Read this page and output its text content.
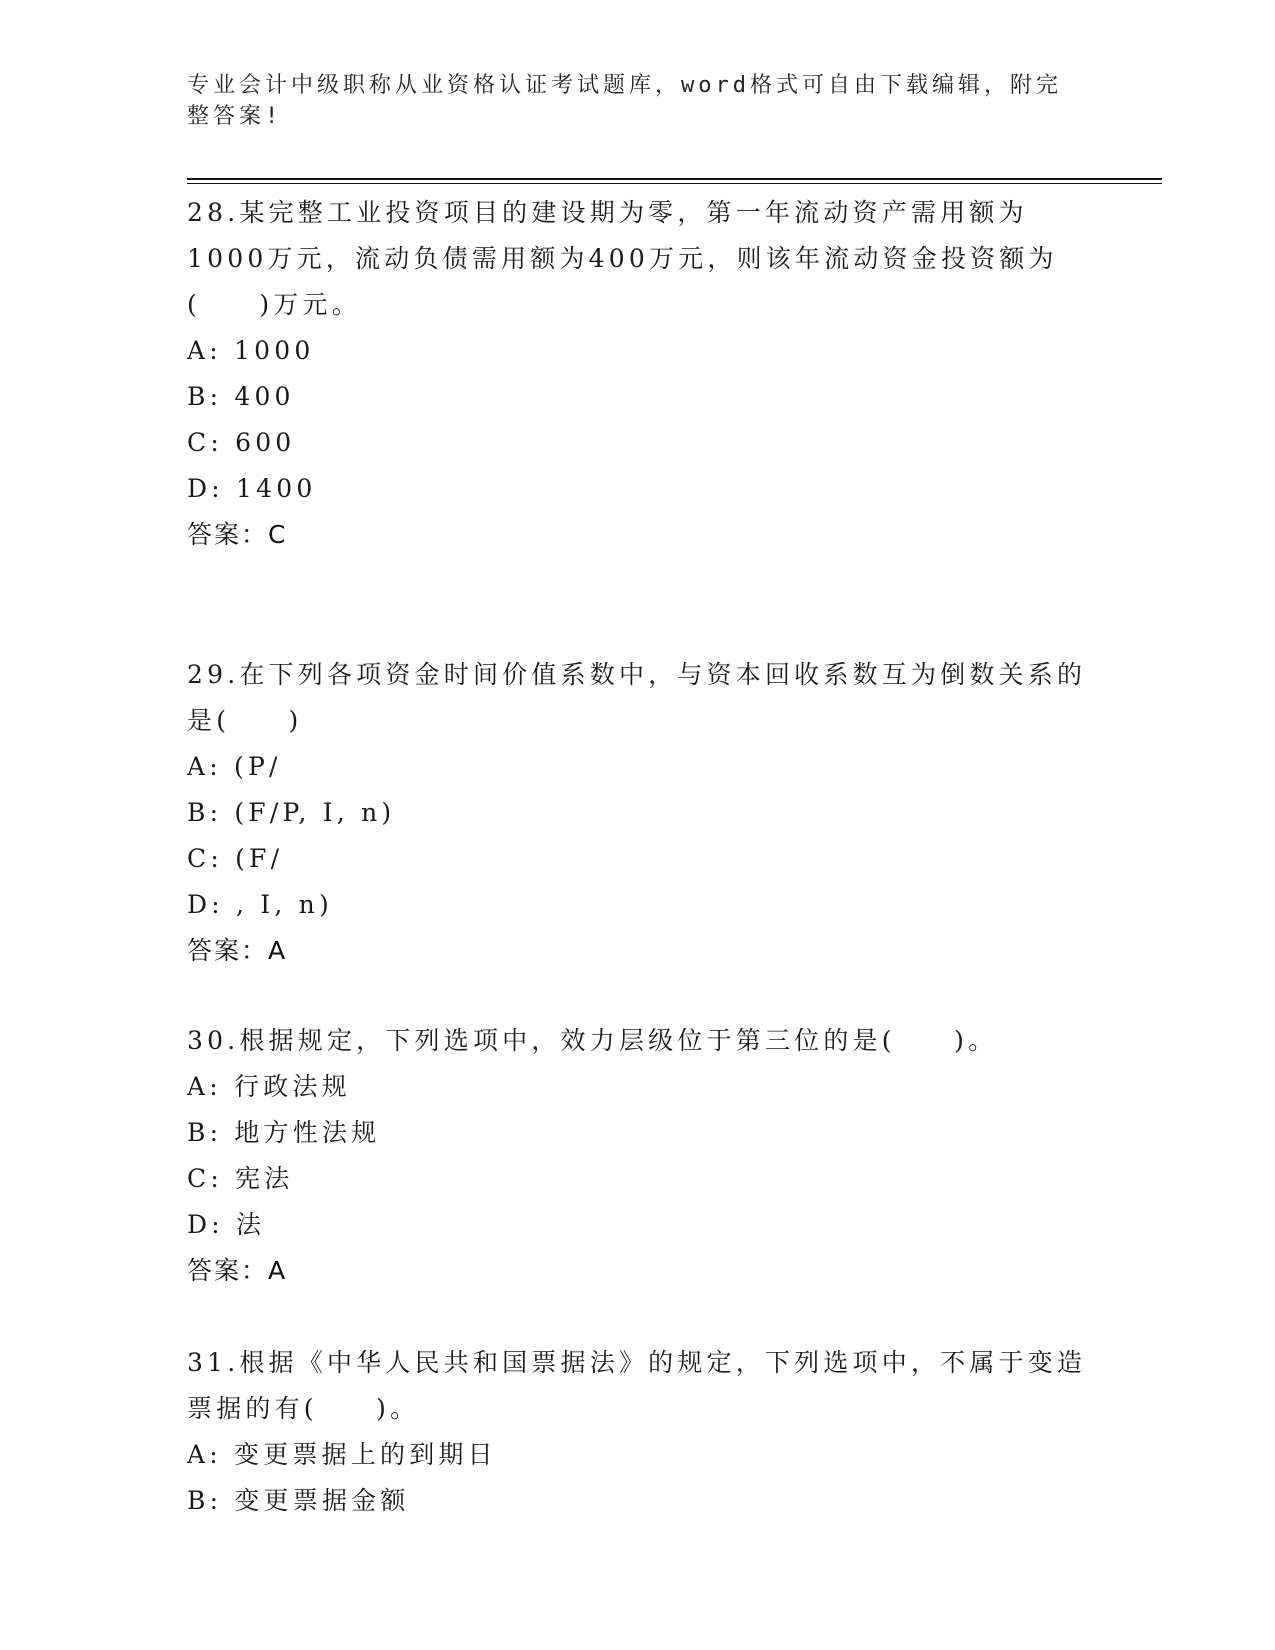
专业会计中级职称从业资格认证考试题库，word格式可自由下载编辑，附完整答案!
28.某完整工业投资项目的建设期为零，第一年流动资产需用额为1000万元，流动负债需用额为400万元，则该年流动资金投资额为(　　)万元。
A: 1000
B: 400
C: 600
D: 1400
答案：C
29.在下列各项资金时间价值系数中，与资本回收系数互为倒数关系的是(　　)
A: (P/
B: (F/P, I, n)
C: (F/
D: , I, n)
答案：A
30.根据规定，下列选项中，效力层级位于第三位的是(　　)。
A: 行政法规
B: 地方性法规
C: 宪法
D: 法
答案：A
31.根据《中华人民共和国票据法》的规定，下列选项中，不属于变造票据的有(　　)。
A: 变更票据上的到期日
B: 变更票据金额
